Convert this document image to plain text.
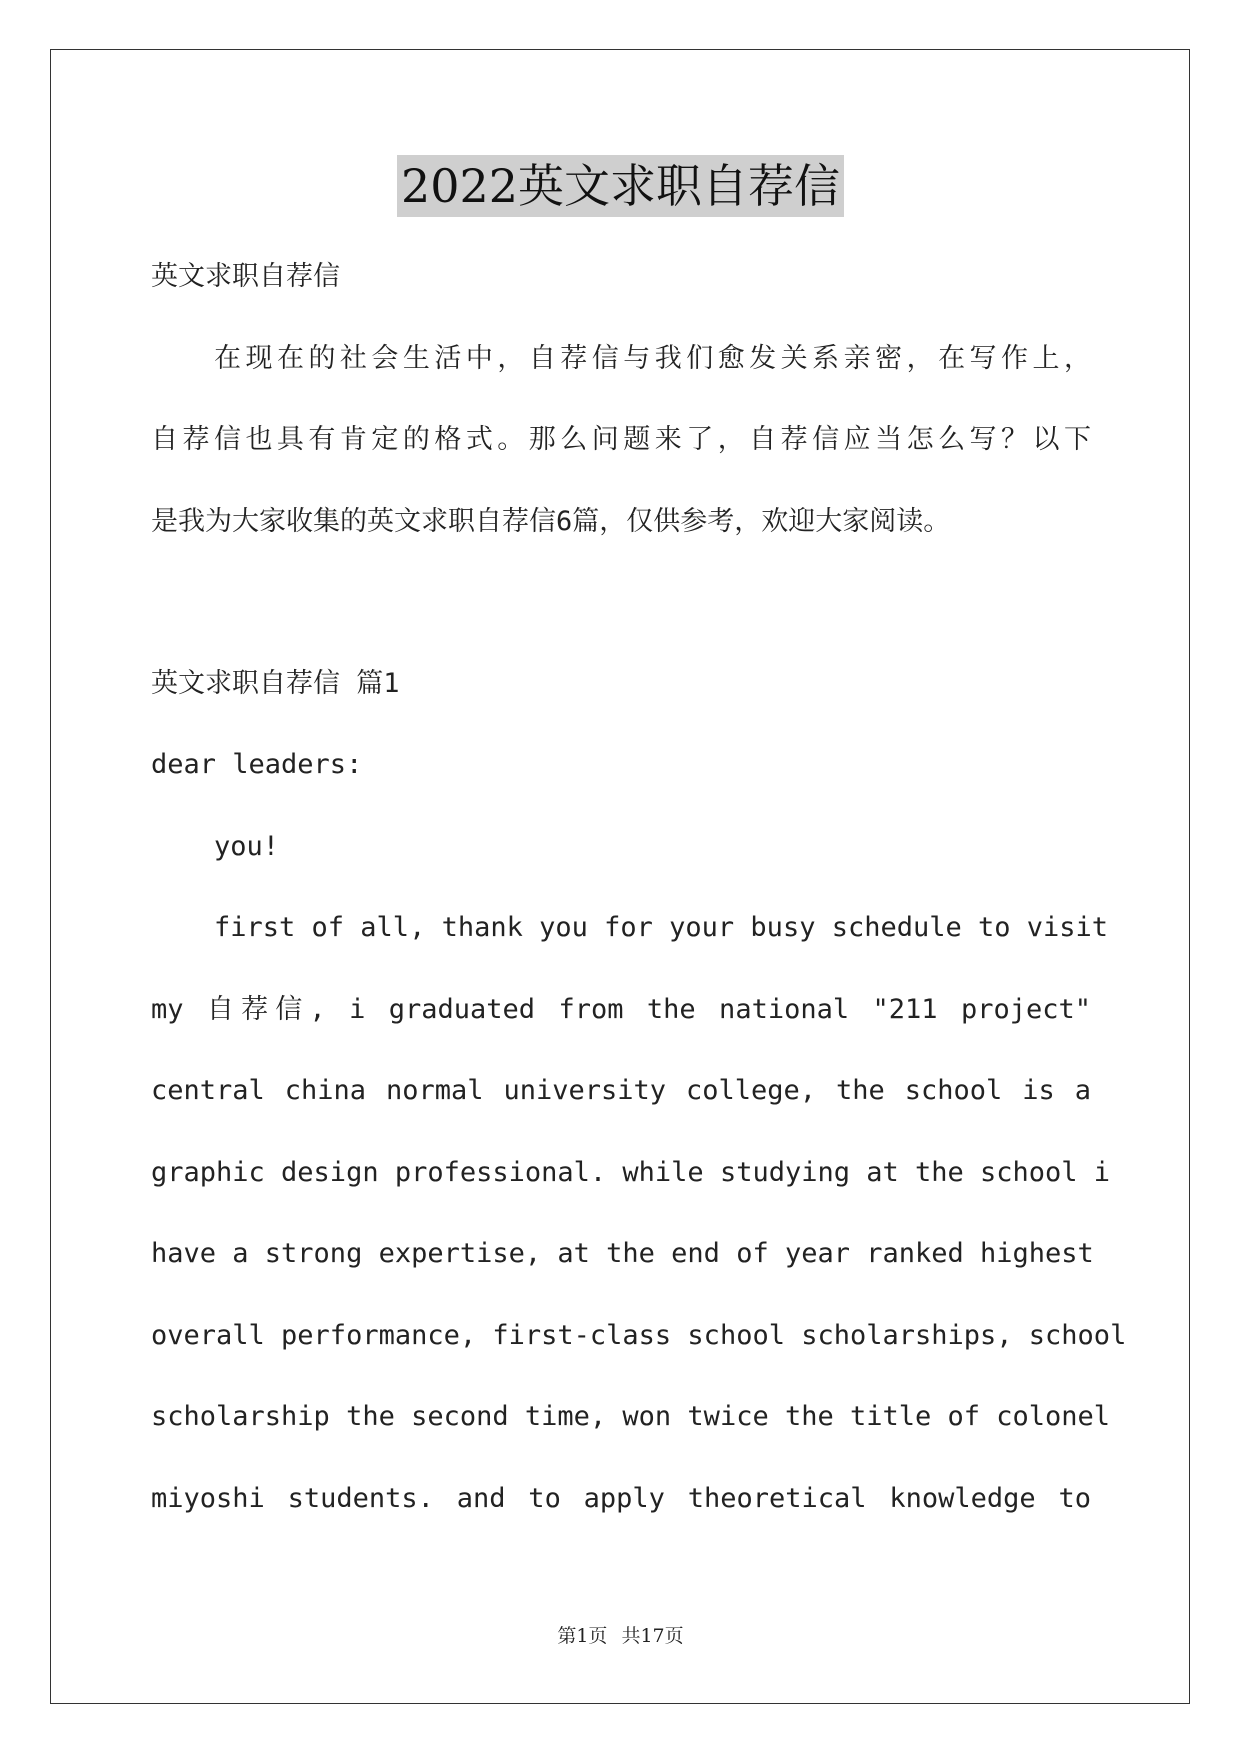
2022英文求职自荐信
英文求职自荐信
在现在的社会生活中，自荐信与我们愈发关系亲密，在写作上，
自荐信也具有肯定的格式。那么问题来了，自荐信应当怎么写？以下
是我为大家收集的英文求职自荐信6篇，仅供参考，欢迎大家阅读。
英文求职自荐信 篇1
dear leaders:
you!
first of all, thank you for your busy schedule to visit
my 自荐信, i graduated from the national "211 project"
central china normal university college, the school is a
graphic design professional. while studying at the school i
have a strong expertise, at the end of year ranked highest
overall performance, first-class school scholarships, school
scholarship the second time, won twice the title of colonel
miyoshi students. and to apply theoretical knowledge to
第1页 共17页
